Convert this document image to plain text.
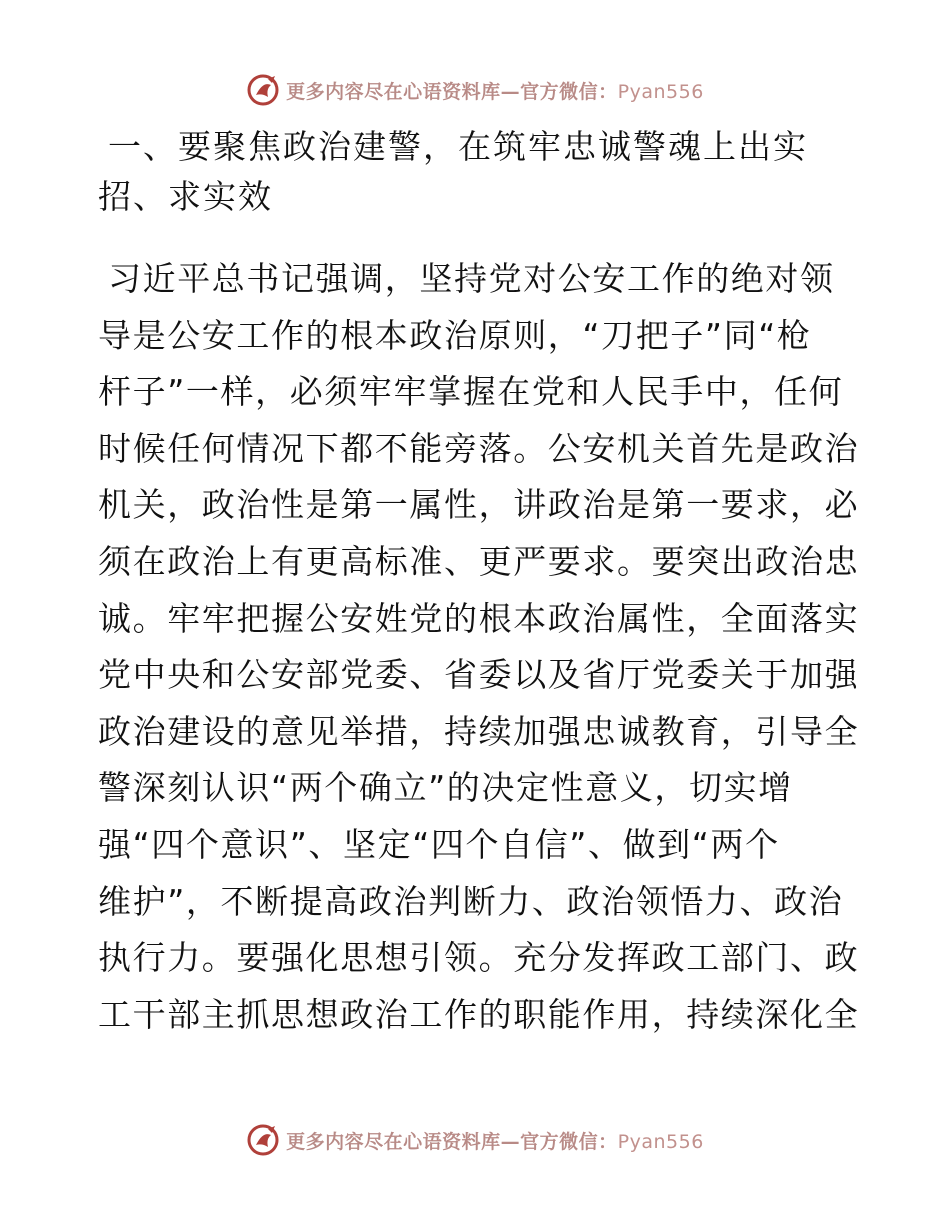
更多内容尽在心语资料库—官方微信：Pyan556
一、要聚焦政治建警，在筑牢忠诚警魂上出实
招、求实效
习近平总书记强调，坚持党对公安工作的绝对领
导是公安工作的根本政治原则，“刀把子”同“枪
杆子”一样，必须牢牢掌握在党和人民手中，任何
时候任何情况下都不能旁落。公安机关首先是政治
机关，政治性是第一属性，讲政治是第一要求，必
须在政治上有更高标准、更严要求。要突出政治忠
诚。牢牢把握公安姓党的根本政治属性，全面落实
党中央和公安部党委、省委以及省厅党委关于加强
政治建设的意见举措，持续加强忠诚教育，引导全
警深刻认识“两个确立”的决定性意义，切实增
强“四个意识”、坚定“四个自信”、做到“两个
维护”，不断提高政治判断力、政治领悟力、政治
执行力。要强化思想引领。充分发挥政工部门、政
工干部主抓思想政治工作的职能作用，持续深化全
更多内容尽在心语资料库—官方微信：Pyan556
